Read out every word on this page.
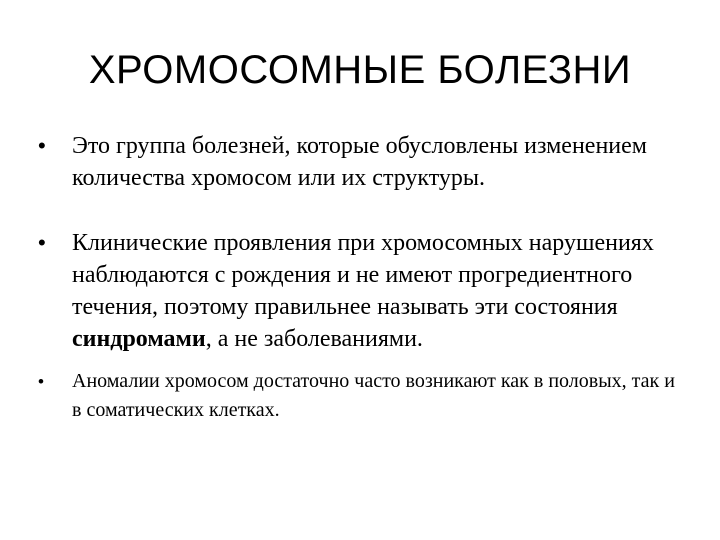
ХРОМОСОМНЫЕ БОЛЕЗНИ
• Это группа болезней, которые обусловлены изменением количества хромосом или их структуры.
• Клинические проявления при хромосомных нарушениях наблюдаются с рождения и не имеют прогредиентного течения, поэтому правильнее называть эти состояния синдромами, а не заболеваниями.
• Аномалии хромосом достаточно часто возникают как в половых, так и в соматических клетках.
